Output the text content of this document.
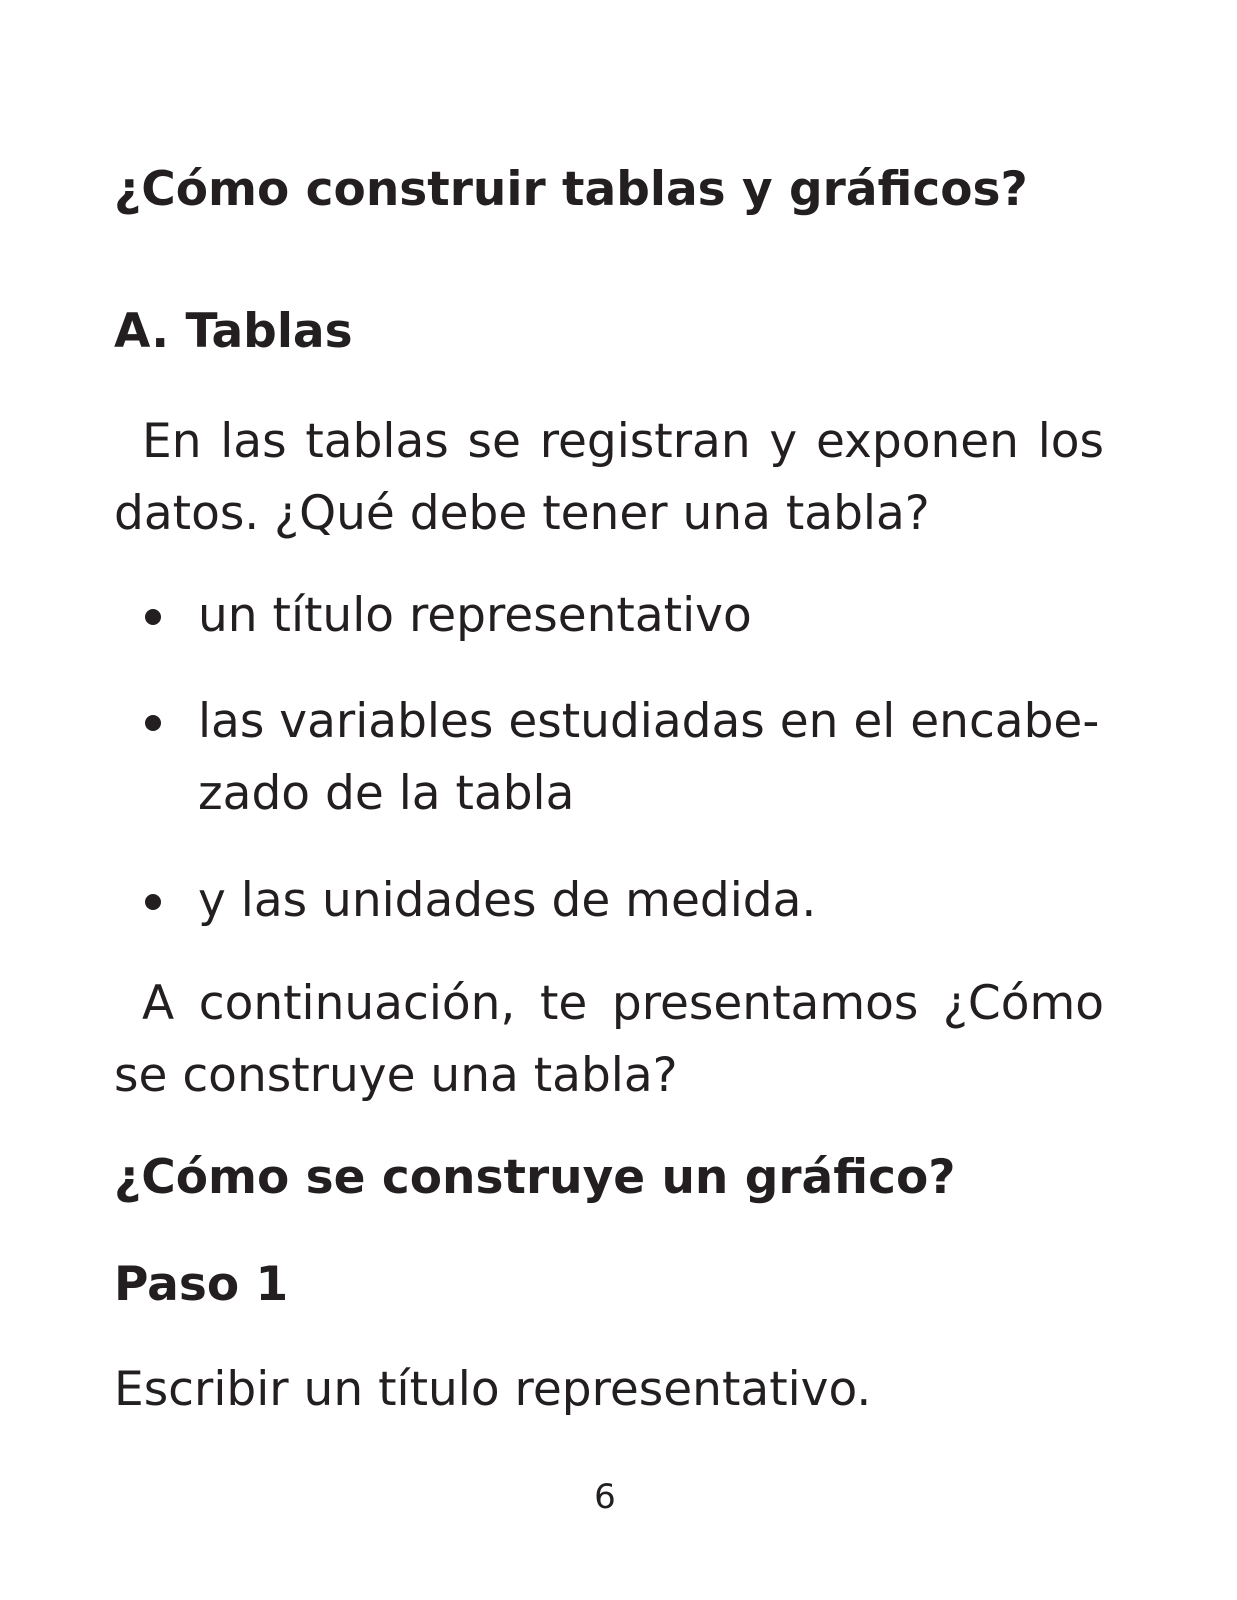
¿Cómo construir tablas y gráficos?
A. Tablas

En las tablas se registran y exponen los datos. ¿Qué debe tener una tabla?

un título representativo
las variables estudiadas en el encabe-zado de la tabla
y las unidades de medida.

A continuación, te presentamos ¿Cómo se construye una tabla?

¿Cómo se construye un gráfico?
Paso 1

Escribir un título representativo.

6
